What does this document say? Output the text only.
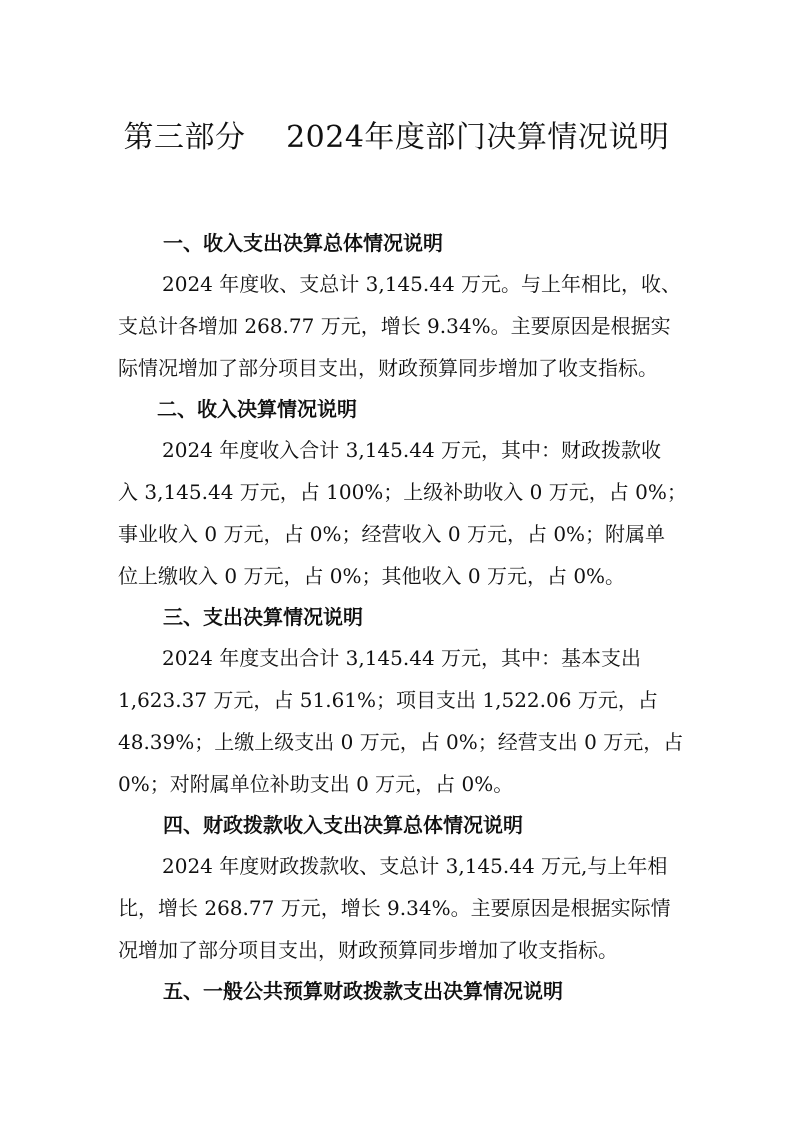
第三部分　 2024年度部门决算情况说明
一、收入支出决算总体情况说明

2024 年度收、支总计 3,145.44 万元。与上年相比，收、

支总计各增加 268.77 万元，增长 9.34%。主要原因是根据实

际情况增加了部分项目支出，财政预算同步增加了收支指标。

二、收入决算情况说明

2024 年度收入合计 3,145.44 万元，其中：财政拨款收

入 3,145.44 万元，占 100%；上级补助收入 0 万元，占 0%；

事业收入 0 万元，占 0%；经营收入 0 万元，占 0%；附属单

位上缴收入 0 万元，占 0%；其他收入 0 万元，占 0%。

三、支出决算情况说明

2024 年度支出合计 3,145.44 万元，其中：基本支出

1,623.37 万元，占 51.61%；项目支出 1,522.06 万元，占

48.39%；上缴上级支出 0 万元，占 0%；经营支出 0 万元，占

0%；对附属单位补助支出 0 万元，占 0%。

四、财政拨款收入支出决算总体情况说明

2024 年度财政拨款收、支总计 3,145.44 万元,与上年相

比，增长 268.77 万元，增长 9.34%。主要原因是根据实际情

况增加了部分项目支出，财政预算同步增加了收支指标。

五、一般公共预算财政拨款支出决算情况说明
